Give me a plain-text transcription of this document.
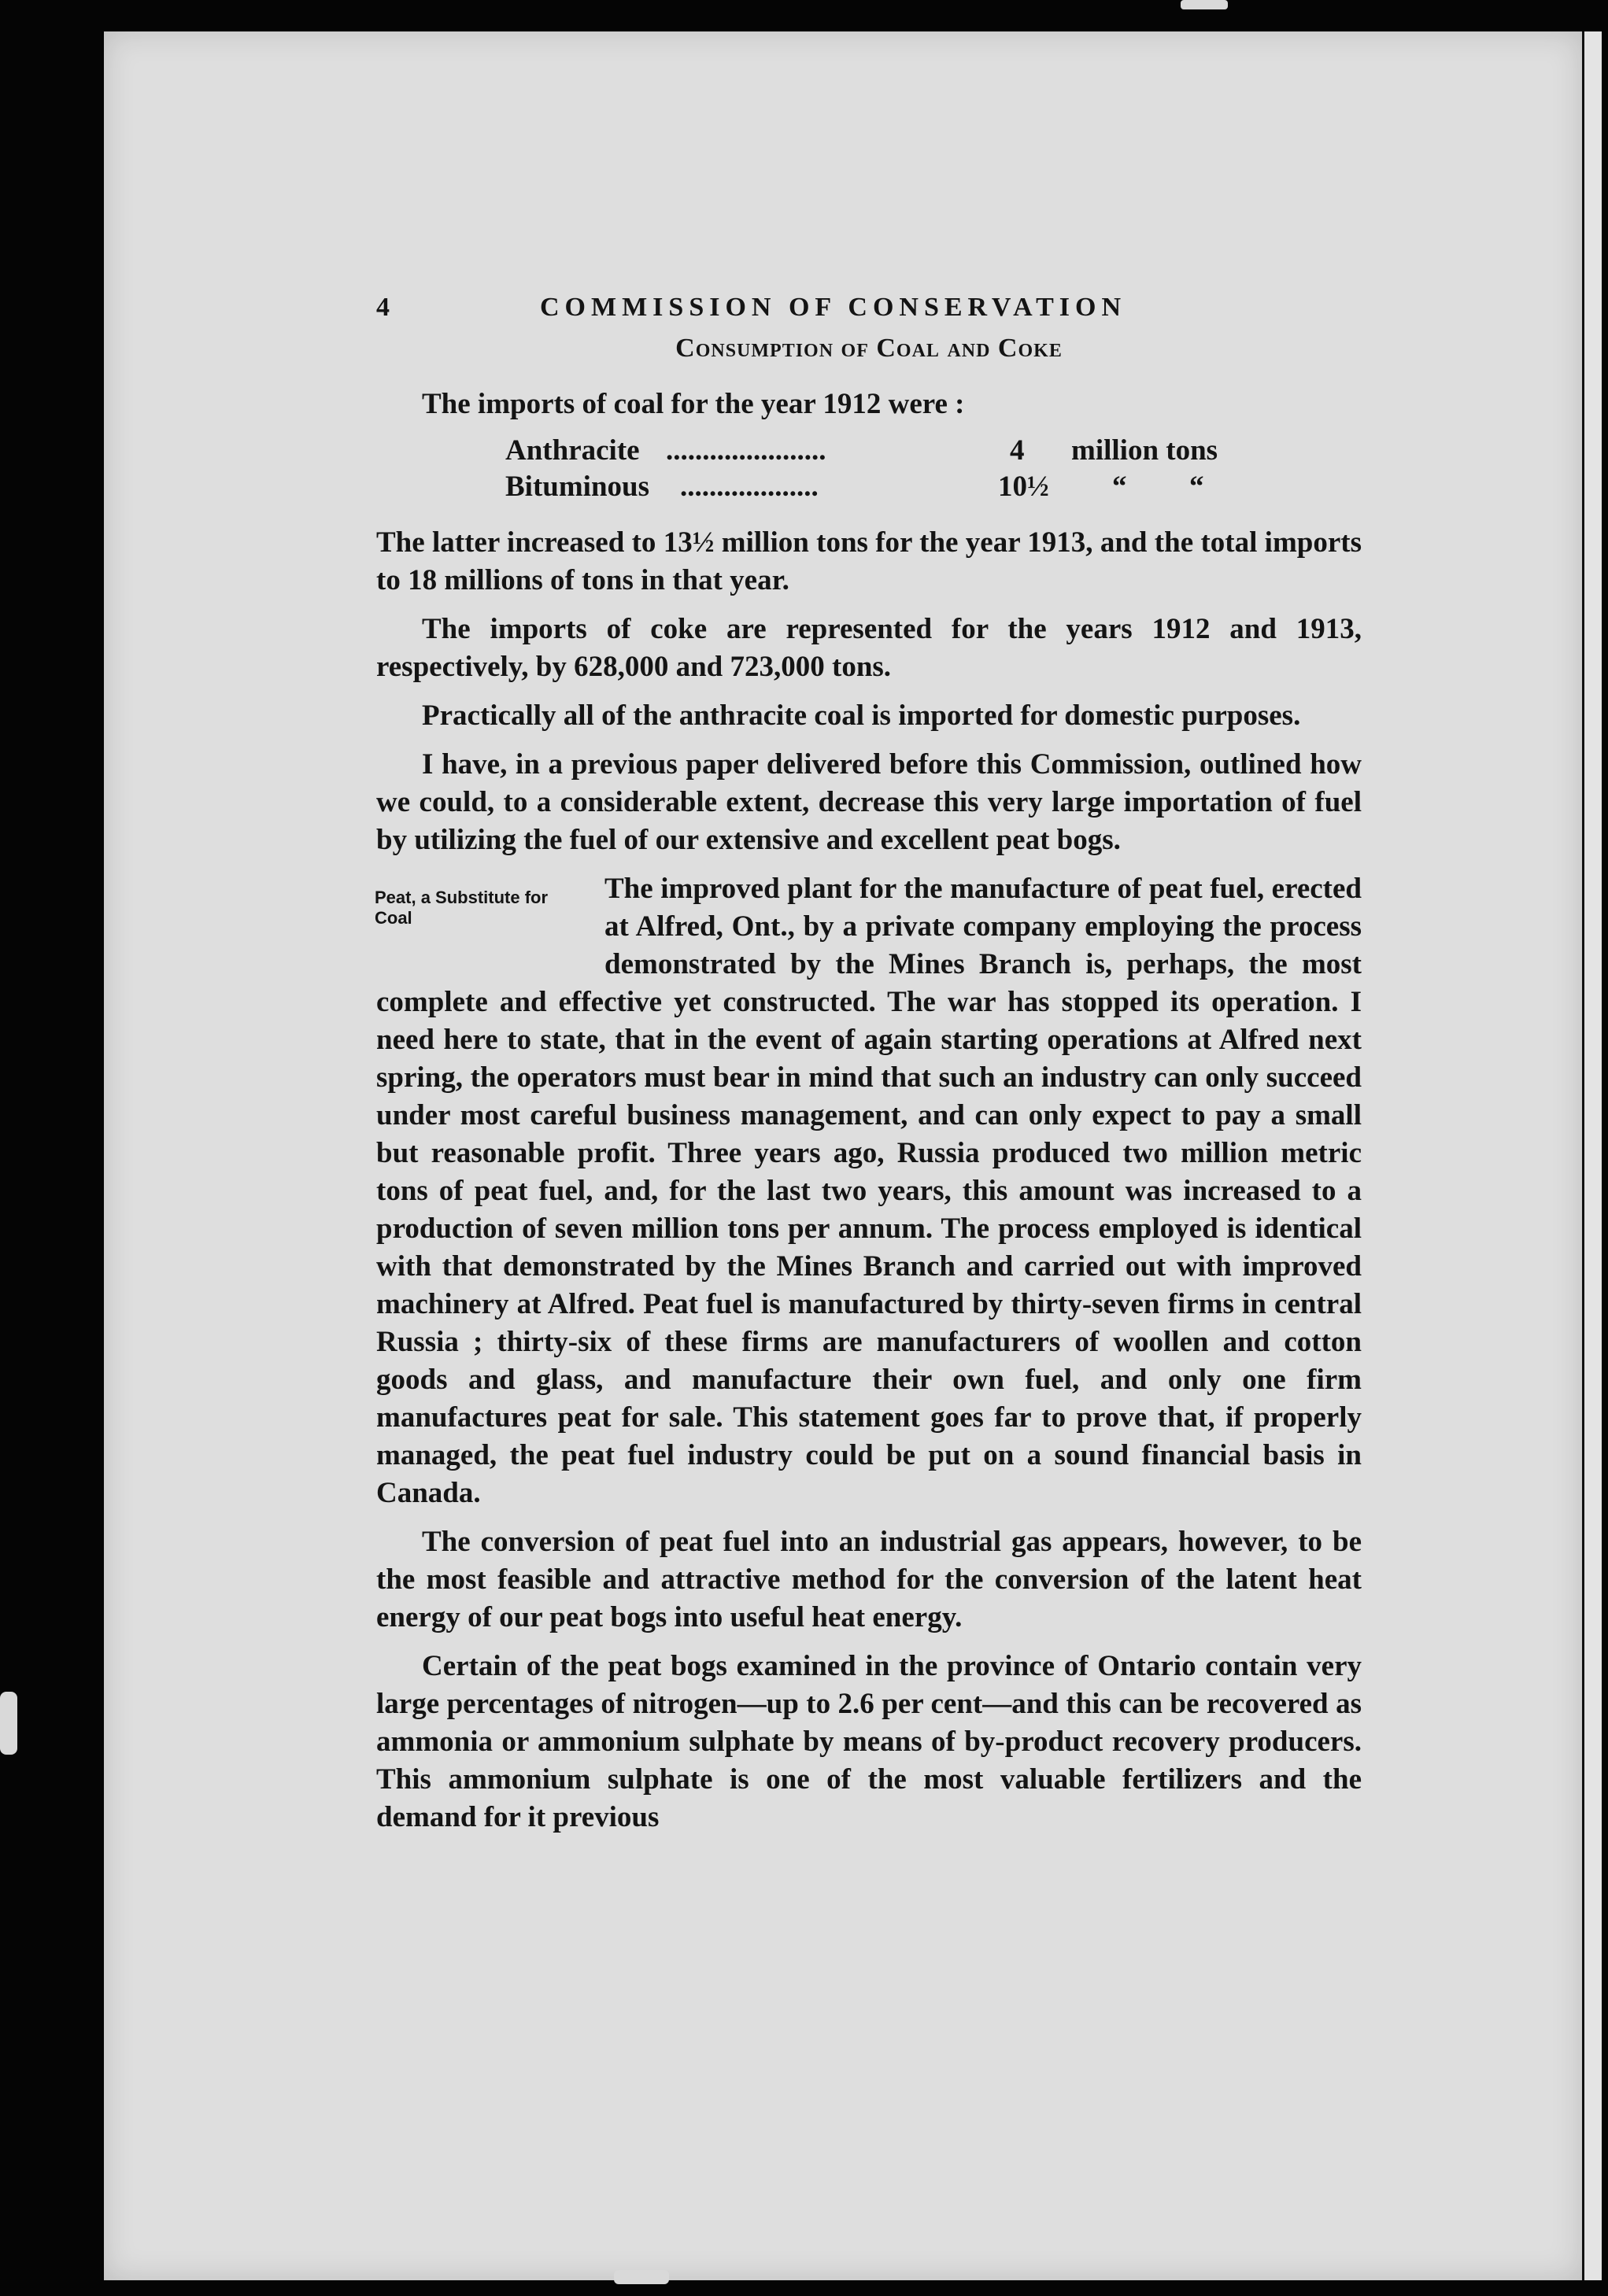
4	COMMISSION OF CONSERVATION
Consumption of Coal and Coke

The imports of coal for the year 1912 were :

Anthracite ......................	4 million tons
Bituminous ...................	10½ “ “

The latter increased to 13½ million tons for the year 1913, and the total imports to 18 millions of tons in that year.

The imports of coke are represented for the years 1912 and 1913, respectively, by 628,000 and 723,000 tons.

Practically all of the anthracite coal is imported for domestic purposes.

I have, in a previous paper delivered before this Commission, outlined how we could, to a considerable extent, decrease this very large importation of fuel by utilizing the fuel of our extensive and excellent peat bogs.

Peat, a Substitute for Coal

The improved plant for the manufacture of peat fuel, erected at Alfred, Ont., by a private company employing the process demonstrated by the Mines Branch is, perhaps, the most complete and effective yet constructed. The war has stopped its operation. I need here to state, that in the event of again starting operations at Alfred next spring, the operators must bear in mind that such an industry can only succeed under most careful business management, and can only expect to pay a small but reasonable profit. Three years ago, Russia produced two million metric tons of peat fuel, and, for the last two years, this amount was increased to a production of seven million tons per annum. The process employed is identical with that demonstrated by the Mines Branch and carried out with improved machinery at Alfred. Peat fuel is manufactured by thirty-seven firms in central Russia ; thirty-six of these firms are manufacturers of woollen and cotton goods and glass, and manufacture their own fuel, and only one firm manufactures peat for sale. This statement goes far to prove that, if properly managed, the peat fuel industry could be put on a sound financial basis in Canada.

The conversion of peat fuel into an industrial gas appears, however, to be the most feasible and attractive method for the conversion of the latent heat energy of our peat bogs into useful heat energy.

Certain of the peat bogs examined in the province of Ontario contain very large percentages of nitrogen—up to 2.6 per cent—and this can be recovered as ammonia or ammonium sulphate by means of by-product recovery producers. This ammonium sulphate is one of the most valuable fertilizers and the demand for it previous
